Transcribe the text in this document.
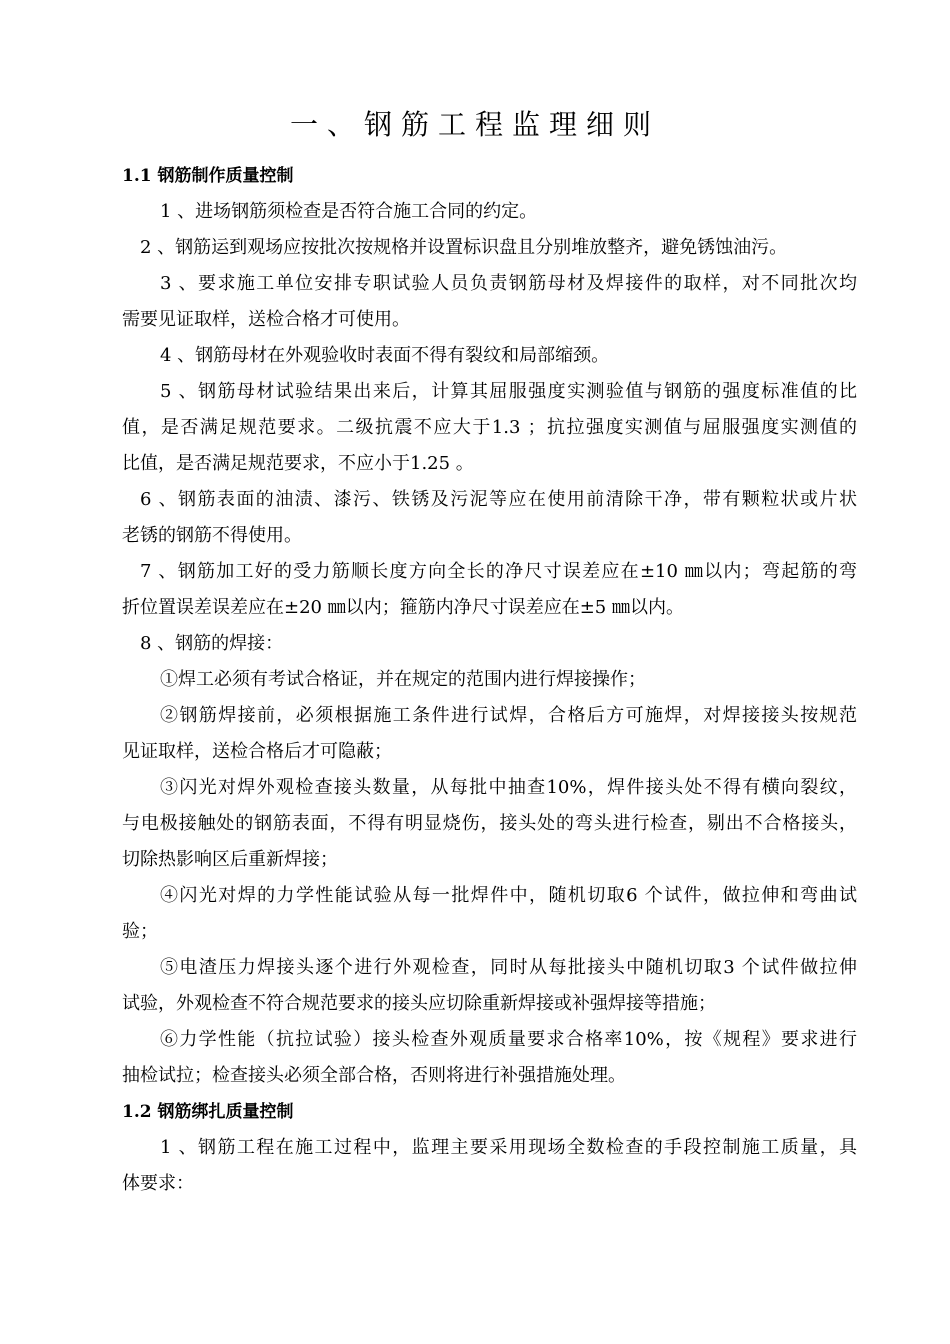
一、钢筋工程监理细则
1.1 钢筋制作质量控制
1 、进场钢筋须检查是否符合施工合同的约定。
2 、钢筋运到观场应按批次按规格并设置标识盘且分别堆放整齐，避免锈蚀油污。
3 、要求施工单位安排专职试验人员负责钢筋母材及焊接件的取样，对不同批次均
需要见证取样，送检合格才可使用。
4 、钢筋母材在外观验收时表面不得有裂纹和局部缩颈。
5 、钢筋母材试验结果出来后，计算其屈服强度实测验值与钢筋的强度标准值的比
值，是否满足规范要求。二级抗震不应大于1.3 ；抗拉强度实测值与屈服强度实测值的
比值，是否满足规范要求，不应小于1.25 。
6 、钢筋表面的油渍、漆污、铁锈及污泥等应在使用前清除干净，带有颗粒状或片状
老锈的钢筋不得使用。
7 、钢筋加工好的受力筋顺长度方向全长的净尺寸误差应在±10 ㎜以内；弯起筋的弯
折位置误差误差应在±20 ㎜以内；箍筋内净尺寸误差应在±5 ㎜以内。
8 、钢筋的焊接：
①焊工必须有考试合格证，并在规定的范围内进行焊接操作；
②钢筋焊接前，必须根据施工条件进行试焊，合格后方可施焊，对焊接接头按规范
见证取样，送检合格后才可隐蔽；
③闪光对焊外观检查接头数量，从每批中抽查10%，焊件接头处不得有横向裂纹，
与电极接触处的钢筋表面，不得有明显烧伤，接头处的弯头进行检查，剔出不合格接头，
切除热影响区后重新焊接；
④闪光对焊的力学性能试验从每一批焊件中，随机切取6 个试件，做拉伸和弯曲试
验；
⑤电渣压力焊接头逐个进行外观检查，同时从每批接头中随机切取3 个试件做拉伸
试验，外观检查不符合规范要求的接头应切除重新焊接或补强焊接等措施；
⑥力学性能（抗拉试验）接头检查外观质量要求合格率10%，按《规程》要求进行
抽检试拉；检查接头必须全部合格，否则将进行补强措施处理。
1.2 钢筋绑扎质量控制
1 、钢筋工程在施工过程中，监理主要采用现场全数检查的手段控制施工质量，具
体要求：
